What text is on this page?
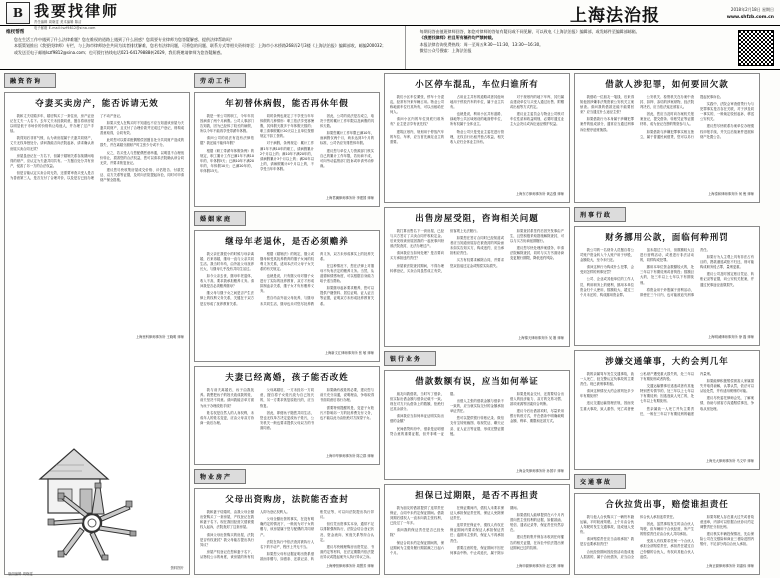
B 我要找律师
责任编辑 周晓雯 美术编辑 陈洁
电子邮箱 E-mail:lszf9812@sina.com
上海法治报	2018年2月18日 星期日
www.shfzb.com.cn
维杈帮帮
您在生活工作中遇到了什么法律难题？您在维权的道路上遇到了什么困惑？您需要专业律师为您答疑解惑、提供法律帮助吗？
本版策划推出《我要找律师》专栏，与上海市律师协会共同为读者排忧解难，您若有法律问题，可将您的问题、联系方式等相关资料寄至：上海市小木桥路268弄2号3楼《上海法治报》编辑部收，邮编200032；
或发送至电子邮箱lszf9812@sina.com；也可拨打热线电话021-64179888转2029，我们将邀请律师为您答疑解惑。
每期问答由值班律师回答，如您对律师的答复有疑问或不同见解，可以致电《上海法治报》编辑部，或发邮件至编辑部邮箱。
《我要找律师》栏目所有稿件均严禁转载。
本报法律咨询免费热线：周一至周五9:30—11:30，13:30—16:30。
微信公众号搜索：上海法治报
融资咨询
夺妻买卖房产，能否诉请无效

我和丈夫结婚多年，婚后购买了一套住房，房产证登记在丈夫一人名下。去年丈夫未经我同意，擅自将该房屋以明显低于市场价的价格转让给他人，并办理了过户手续。

我得知后非常气愤，认为该房屋属于夫妻共同财产，丈夫无权单独处分。请问我能否向法院起诉，请求确认该房屋买卖合同无效？

房屋虽登记在一方名下，但属于婚姻关系存续期间取得的财产，应认定为夫妻共同共有。一方擅自处分共有房产，侵害了另一方的合法权益。

但是否能认定买卖合同无效，还需要审查买受人是否为善意第三人，是否支付了合理对价，以及是否已经办理了不动产登记。

如果买受人在购买时不知道也不应当知道该房屋为夫妻共同财产，且支付了合理价款并完成过户登记，则构成善意取得，合同有效。

此时您可以要求配偶赔偿因擅自处分共同财产造成的损失，并在离婚分割财产时主张少分或不分。

反之，若买受人与您配偶恶意串通，以明显不合理低价转让，损害您的合法权益，您可以请求法院确认该合同无效，并要求恢复登记。

建议您尽快收集房屋成交价格、评估报告、付款凭证、双方关系等证据，及时向法院提起诉讼，同时可申请财产保全措施。

上海里科律师事务所 王晓明 律师
资料图片
劳动工作
年初替休病假，能否再休年假

我是一家公司的职工，今年年初因病请了两个月病假。公司人事部门告知我，因为已经休了较长的病假，所以今年不能再享受带薪年休假。

请问公司的说法有没有法律依据？我还能不能休年假？

根据《职工带薪年休假条例》的规定，职工累计工作已满1年不满10年的，年休假5天；已满10年不满20年的，年休假10天；已满20年的，年休假15天。

同时条例也规定了不享受当年年休假的几种情形：职工依法享受寒暑假，其休假天数多于年休假天数的；职工请事假累计20天以上且单位按照规定不扣工资的。

对于病假，条例规定：累计工作满1年不满10年的职工，请病假累计2个月以上的；满10年不满20年的，请病假累计3个月以上的；满20年以上的，请病假累计4个月以上的，不享受当年年休假。

因此，公司的说法是否成立，取决于您的累计工作年限以及病假的具体天数。

如果您累计工作年限已满10年，而病假仅两个月，尚未达到3个月的标准，公司仍应安排您休年假。

建议您与单位人力资源部门核实自己的累计工作年限，若协商不成，可向劳动监察部门投诉或申请劳动仲裁。

上海君澜律师事务所 李建国 律师
婚姻家庭
继母年老退休，是否必须赡养

我父亲在我很小的时候与母亲离婚，后来再婚，继母一直与父亲共同生活。我当时年幼，由外祖父母抚养长大，与继母几乎没有共同生活过。

如今父亲去世，继母年老退休，收入不高，要求我承担赡养义务。请问我是否必须赡养继母？

继父母与继子女之间是否产生法律上的权利义务关系，关键在于双方是否形成了抚养教育关系。

根据《婚姻法》的规定，继父或继母和受其抚养教育的继子女间的权利义务关系，适用本法对父母子女关系的有关规定。

也就是说，只有继父母对继子女进行了实际的抚养教育，双方才形成拟制血亲关系，继子女才负有赡养义务。

您自幼由外祖父母抚养，与继母未共同生活，继母也未对您尽抚养教育义务，双方未形成事实上的抚养关系。

在这种情况下，您在法律上对继母不负有法定的赡养义务。当然，从道德和情感角度，可以根据自身能力给予适当帮助。

如果继母起诉要求赡养，您可以提供户籍资料、居住证明、证人证言等证据，证明双方未形成抚养教育关系。

上海新文汇律师事务所 张 敏 律师
夫妻已经离婚，孩子能否改姓

我与前夫离婚后，孩子由我抚养。我想把孩子的姓氏改成我的姓，前夫坚决不同意。请问我能否单方面为孩子办理改姓手续？

姓名权是自然人的人身权利，未成年人的姓名变更，应由父母双方协商一致后办理。

父母离婚后，一方未经另一方同意，擅自将子女姓氏改为自己姓氏的，另一方要求恢复原姓氏的，应当恢复。

因此，即便孩子随您共同生活，您也无权单方决定更改孩子姓氏，公安机关一般也要求提供父母双方的书面同意。

如果确有改姓的必要，建议您与前夫充分沟通，说明理由，争取取得书面同意后再行办理。

需要特别提醒的是，变更子女姓氏不影响另一方的抚养费支付义务，也不能以此为由拒绝对方探望子女。

上海申华律师事务所 陈立群 律师
物业房产
父母出资购房，法院能否查封

我和妻子结婚时，由我父母全额出资购买了一套房屋，产权登记在我和妻子名下。现在我因经营欠债被债权人起诉，法院查封了这套房屋。

请问父母出资购买的房屋，法院是否有权查封？我父母能否提出执行异议？

房屋产权登记在您和妻子名下，从物权公示的角度，该房屋的所有权人即为登记权利人。

父母全额出资的事实，在没有明确约定的情况下，一般视为对子女的赠与，该房屋属于您与配偶的共同财产。

法院在执行中依法查封被执行人名下的不动产，程序上并无不当。

如果您父母有证据证明出资系借款而非赠与，如借条、还款记录、转账凭证等，可以向法院提出执行异议。

但仅凭出资事实本身，通常不足以排除强制执行，法院会结合登记状况、资金流向、家庭关系等综合认定。

建议尽快梳理购房出资凭证、书面约定等材料，在法定期限内依法提出异议或提起案外人执行异议之诉。

上海博恒律师事务所 周慧芳 律师
小区停车混乱，车位归谁所有

我们小区车位紧张，停车十分混乱，经常有外来车辆占用。物业公司称地面车位归其所有，可以出租给任何人。

请问小区内的车位到底归谁所有？业主是否享有优先权？

建筑区划内，规划用于停放汽车的车位、车库，应当首先满足业主的需要。

占用业主共有的道路或者其他场地用于停放汽车的车位，属于业主共有。

也就是说，利用小区共有道路、绿地等公共区域划设的地面停车位，所有权属于全体业主。

物业公司只是受业主委托进行管理，无权自行出租并独占收益，相关收入应归全体业主所有。

对于规划内的地下车库，其归属由建设单位与买受人通过出售、附赠或出租等方式约定。

建议业主委员会与物业公司核对车位性质和收益明细，必要时通过业主大会决议或诉讼途径维护权益。

上海东方律师事务所 黄志强 律师
出售房屋受阻，咨询相关问题

我打算出售名下一套房屋，已经与买方签订了买卖合同并收取定金。后来发现该房屋因我的一起民事纠纷被法院查封，无法办理过户。

请问我应当如何处理？是否要向买方承担违约责任？

房屋被法院查封期间，不得办理转移登记，买卖合同虽然成立有效，但客观上无法履行。

如果您在签订合同时已经知道或者应当知道房屋存在被查封的风险而未如实告知买方，构成违约，应当承担相应责任。

买方有权要求解除合同，并要求您双倍返还定金或赔偿实际损失。

如果查封系签约后因突发事由产生，且您积极采取措施解除查封，可以与买方协商延期履行。

建议您尽快处理涉案债务，申请法院解除查封，同时与买方书面协商变更履行期限，降低违约风险。

上海锦天律师事务所 吴 刚 律师
银行业务
借款数额有误，应当如何举证

朋友向我借款，当时写了借条，但实际出借金额与借条记载不一致。现在对方只认借条上的数额，拒绝归还其余部分。

请问我应当如何举证证明实际出借的金额？

民间借贷纠纷中，借条是证明借贷合意的重要证据，但并非唯一证据。

出借人主张的借款金额与借条不一致的，应当就实际交付的金额承担举证责任。

您可以提供银行转账记录、微信支付宝转账截图、取现凭证、聊天记录、证人证言等证据，形成完整证据链。

如果是现金交付，还需要结合出借人的经济能力、双方的交易习惯、款项来源等因素综合判断。

建议今后出借款项时，尽量采用银行转账方式，并在借条中明确载明金额、利率、期限和还款方式。

上海金茂律师事务所 孙国平 律师
担保已过期限，是否不再担责

我为朋友的借款提供了连带责任保证，合同中未约定保证期间。借款到期后债权人一直未向我主张权利，已经过了一年多。

请问我的保证责任是否已经免除？

保证合同未约定保证期间的，保证期间为主债务履行期届满之日起六个月。

在保证期间内，债权人未要求保证人承担保证责任的，保证人免除保证责任。

连带责任保证中，债权人有权在保证期间内要求保证人承担保证责任；逾期未主张的，保证人不再承担责任。

需要注意的是，保证期间不因任何事由中断、中止或延长，属于除斥期间。

如果债权人能够提供在六个月内曾向您主张权利的证据，如催款函、短信、通话记录等，保证责任仍然存在。

建议您收集并保存未收到任何催告的相关证据，在诉讼中依法提出保证期间已过的抗辩。

上海申源律师事务所 赵文彬 律师
借款人涉犯罪，如何要回欠款

我借给一位朋友一笔钱，后来得知他因涉嫌非法集资被公安机关立案侦查。请问我的借款还能不能要回来？应当通过什么途径主张？

如果借款行为本身属于涉嫌犯罪案件的组成部分，通常应当通过刑事诉讼程序追赃挽损。

公安机关、检察机关在办案中查封、扣押、冻结的涉案财物，经法院判决后，应当依法返还被害人。

因此，您应当及时向办案机关报案登记，提交借条、转账凭证等证据材料，成为登记在册的集资参与人。

如果借款与涉嫌犯罪事实相互独立，属于普通民间借贷，您可以另行提起民事诉讼。

实践中，法院会审查借贷行为与犯罪事实是否存在关联，对于涉及同一事实的，一般裁定驳回起诉，移送公安机关。

建议您尽快联系办案单位办理债权申报手续，并关注后续案件进展和财产处置公告。

上海泰和律师事务所 何 俊 律师
刑事行政
财务挪用公款，面临何种刑罚

我公司的一名财务人员擅自将公司账户资金转入个人账户用于炒股，金额较大，至今未归还。

请问这种行为构成什么犯罪，会受到怎样的刑事处罚？

公司、企业或其他单位的工作人员，利用职务上的便利，挪用本单位资金归个人使用，数额较大、超过三个月未还的，构成挪用资金罪。

虽未超过三个月，但数额较大且进行营利活动，或者进行非法活动的，同样构成犯罪。

挪用本单位资金数额较大的，处三年以下有期徒刑或者拘役；数额巨大的，处三年以上七年以下有期徒刑。

将资金用于炒股属于营利活动，即使在三个月内，也可能被追究刑事责任。

如果行为人主观上具有非法占有目的，携款潜逃或拒不归还，则可能构成职务侵占罪，量刑更重。

建议公司及时固定账目凭证、转账记录等证据，向公安机关报案，并通过民事途径追缴损失。

上海明诚律师事务所 徐 磊 律师
涉嫌交通肇事，大约会判几年

我的亲属驾车发生交通事故，致一人死亡，经交警认定负事故的主要责任。现已被刑事拘留。

请问这种情况大约会被判处多少年有期徒刑？

违反交通运输管理法规，因而发生重大事故，致人重伤、死亡或者使公私财产遭受重大损失的，处三年以下有期徒刑或者拘役。

交通运输肇事后逃逸或者有其他特别恶劣情节的，处三年以上七年以下有期徒刑；因逃逸致人死亡的，处七年以上有期徒刑。

您亲属致一人死亡并负主要责任，一般在三年以下有期徒刑的幅度内量刑。

如果能够积极赔偿被害人家属损失并取得谅解，认罪认罚，依法可以从轻处罚，并有适用缓刑的可能。

建议尽快委托律师会见，了解案情，协助与被害方沟通赔偿事宜，争取从宽处理。

上海光大律师事务所 马文华 律师
交通事故
合伙拉货出事，赔偿谁担责任

我与他人合伙购买了一辆货车跑运输，平时轮流驾驶。上个月由合伙人驾驶时发生交通事故，造成他人受伤。

请问赔偿责任应当由谁承担？我是否也要承担责任？

合伙经营期间因经营活动造成他人损害的，属于合伙债务，应当由全体合伙人承担连带责任。

因此，虽然事故发生时由合伙人驾驶，但车辆用于合伙经营，所产生的赔偿责任应由合伙人共同承担。

受害人有权要求任何一个合伙人承担全部赔偿责任，承担责任超过自己份额的合伙人，有权向其他合伙人追偿。

如果驾驶人存在重大过失或者故意违章，内部可以依据合伙协议约定调整责任分担比例。

建议核实车辆投保情况，先由保险公司在交强险和商业三者险范围内赔付，不足部分再由合伙人承担。

上海正源律师事务所 刘嘉伟 律师
版面编辑 周晓雯
